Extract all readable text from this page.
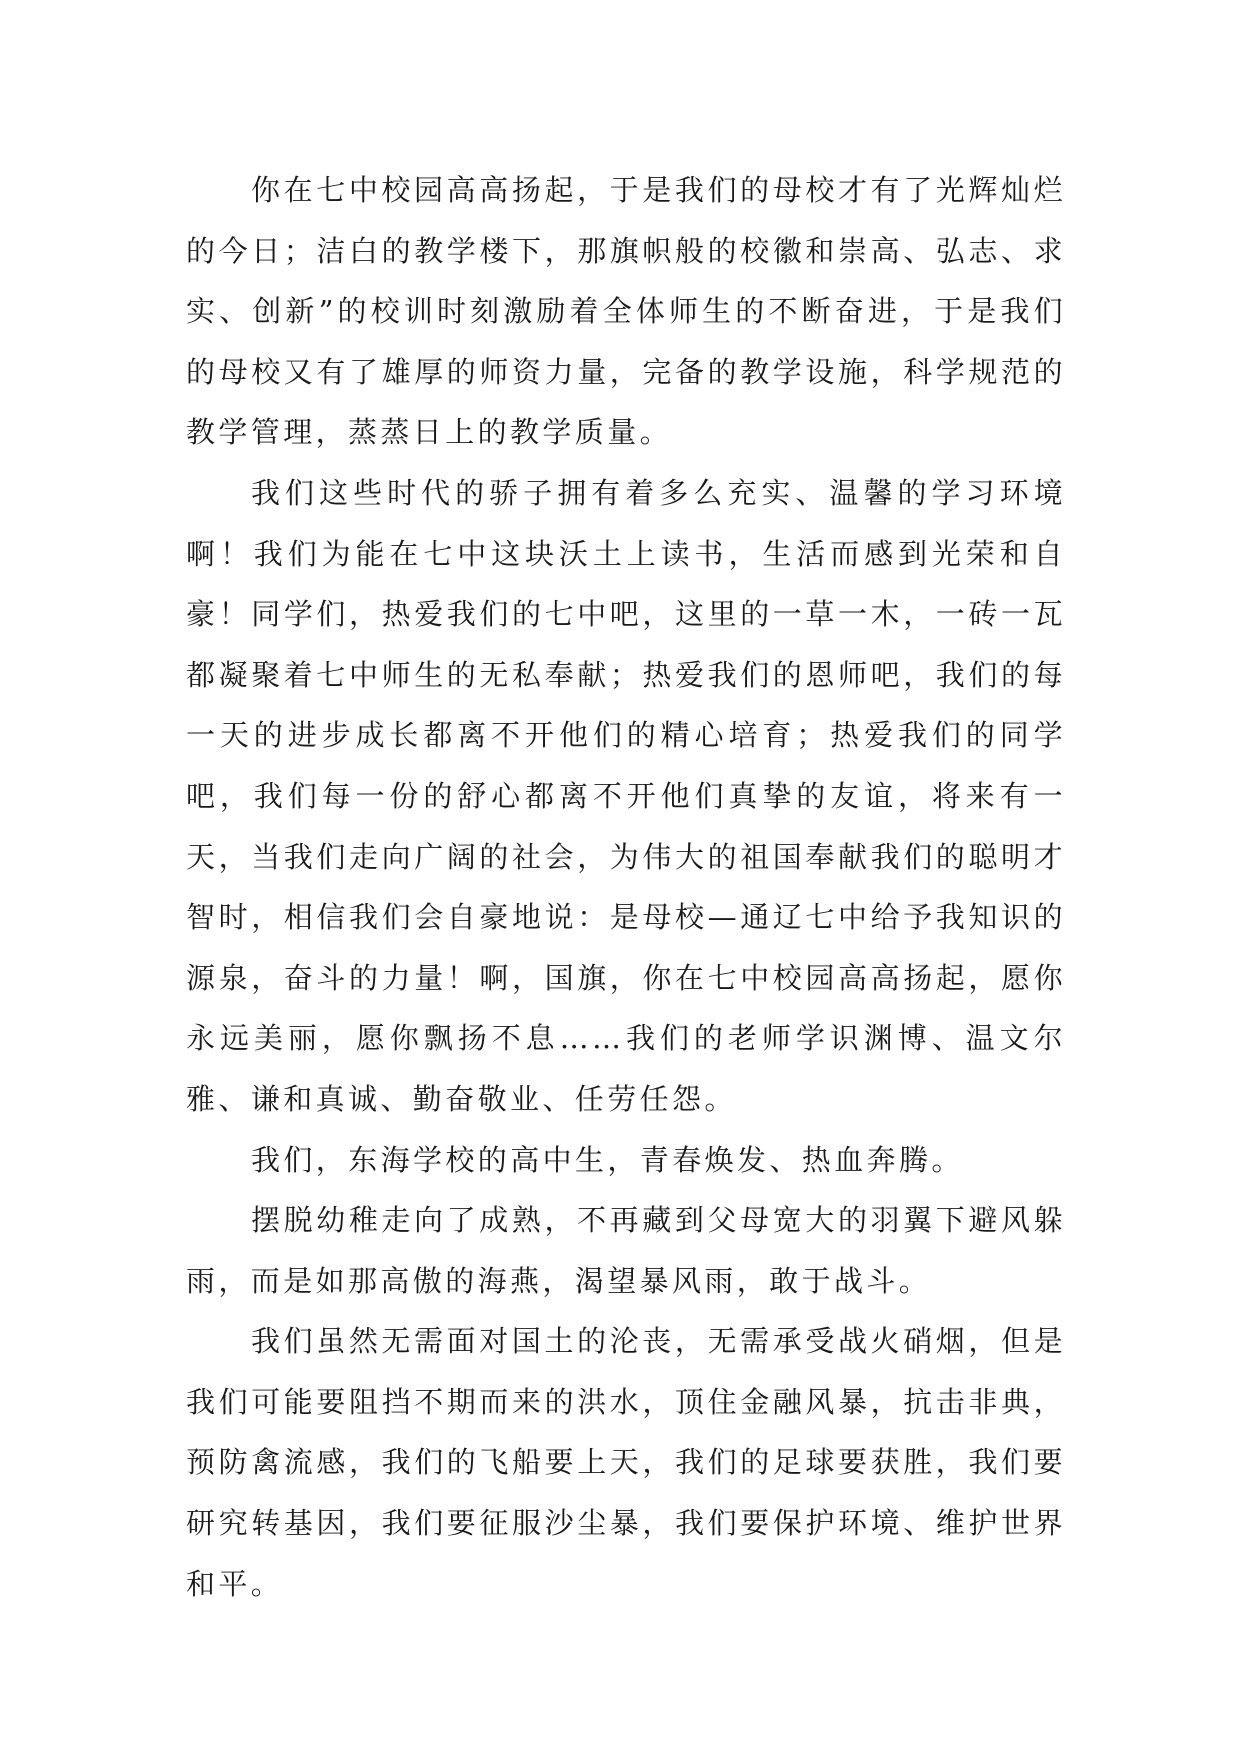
你在七中校园高高扬起，于是我们的母校才有了光辉灿烂的今日；洁白的教学楼下，那旗帜般的校徽和崇高、弘志、求实、创新”的校训时刻激励着全体师生的不断奋进，于是我们的母校又有了雄厚的师资力量，完备的教学设施，科学规范的教学管理，蒸蒸日上的教学质量。

我们这些时代的骄子拥有着多么充实、温馨的学习环境啊！我们为能在七中这块沃土上读书，生活而感到光荣和自豪！同学们，热爱我们的七中吧，这里的一草一木，一砖一瓦都凝聚着七中师生的无私奉献；热爱我们的恩师吧，我们的每一天的进步成长都离不开他们的精心培育；热爱我们的同学吧，我们每一份的舒心都离不开他们真挚的友谊，将来有一天，当我们走向广阔的社会，为伟大的祖国奉献我们的聪明才智时，相信我们会自豪地说：是母校—通辽七中给予我知识的源泉，奋斗的力量！啊，国旗，你在七中校园高高扬起，愿你永远美丽，愿你飘扬不息……我们的老师学识渊博、温文尔雅、谦和真诚、勤奋敬业、任劳任怨。

我们，东海学校的高中生，青春焕发、热血奔腾。

摆脱幼稚走向了成熟，不再藏到父母宽大的羽翼下避风躲雨，而是如那高傲的海燕，渴望暴风雨，敢于战斗。

我们虽然无需面对国土的沦丧，无需承受战火硝烟，但是我们可能要阻挡不期而来的洪水，顶住金融风暴，抗击非典，预防禽流感，我们的飞船要上天，我们的足球要获胜，我们要研究转基因，我们要征服沙尘暴，我们要保护环境、维护世界和平。
